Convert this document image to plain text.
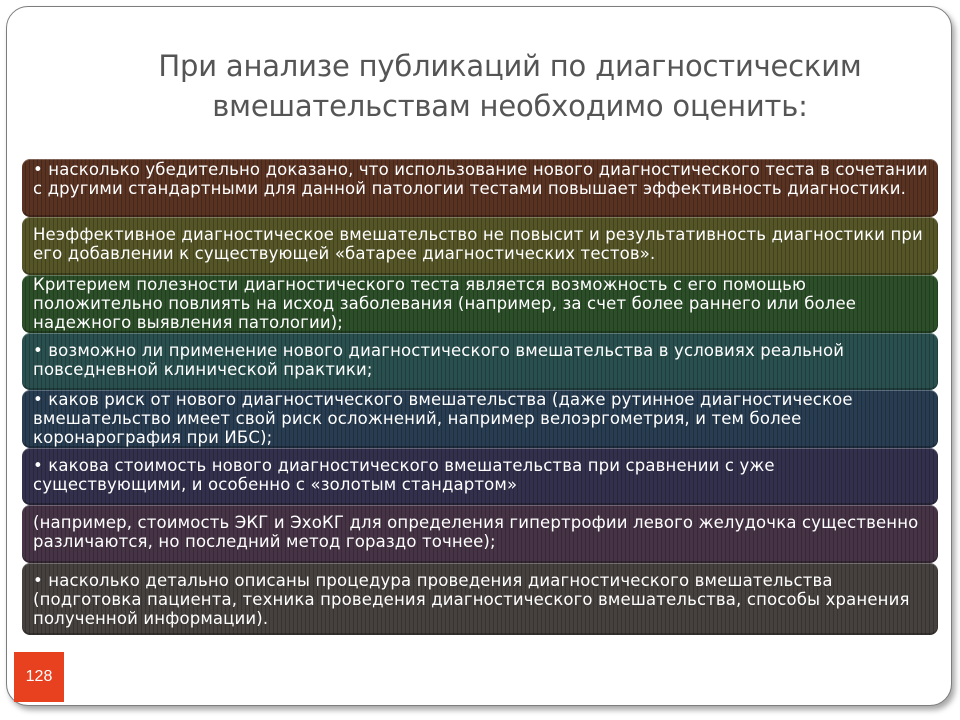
При анализе публикаций по диагностическим
вмешательствам необходимо оценить:
• насколько убедительно доказано, что использование нового диагностического теста в сочетании с другими стандартными для данной патологии тестами повышает эффективность диагностики.
Неэффективное диагностическое вмешательство не повысит и результативность диагностики при его добавлении к существующей «батарее диагностических тестов».
Критерием полезности диагностического теста является возможность с его помощью положительно повлиять на исход заболевания (например, за счет более раннего или более надежного выявления патологии);
• возможно ли применение нового диагностического вмешательства в условиях реальной повседневной клинической практики;
• каков риск от нового диагностического вмешательства (даже рутинное диагностическое вмешательство имеет свой риск осложнений, например велоэргометрия, и тем более коронарография при ИБС);
• какова стоимость нового диагностического вмешательства при сравнении с уже существующими, и особенно с «золотым стандартом»
(например, стоимость ЭКГ и ЭхоКГ для определения гипертрофии левого желудочка существенно различаются, но последний метод гораздо точнее);
• насколько детально описаны процедура проведения диагностического вмешательства (подготовка пациента, техника проведения диагностического вмешательства, способы хранения полученной информации).
128
